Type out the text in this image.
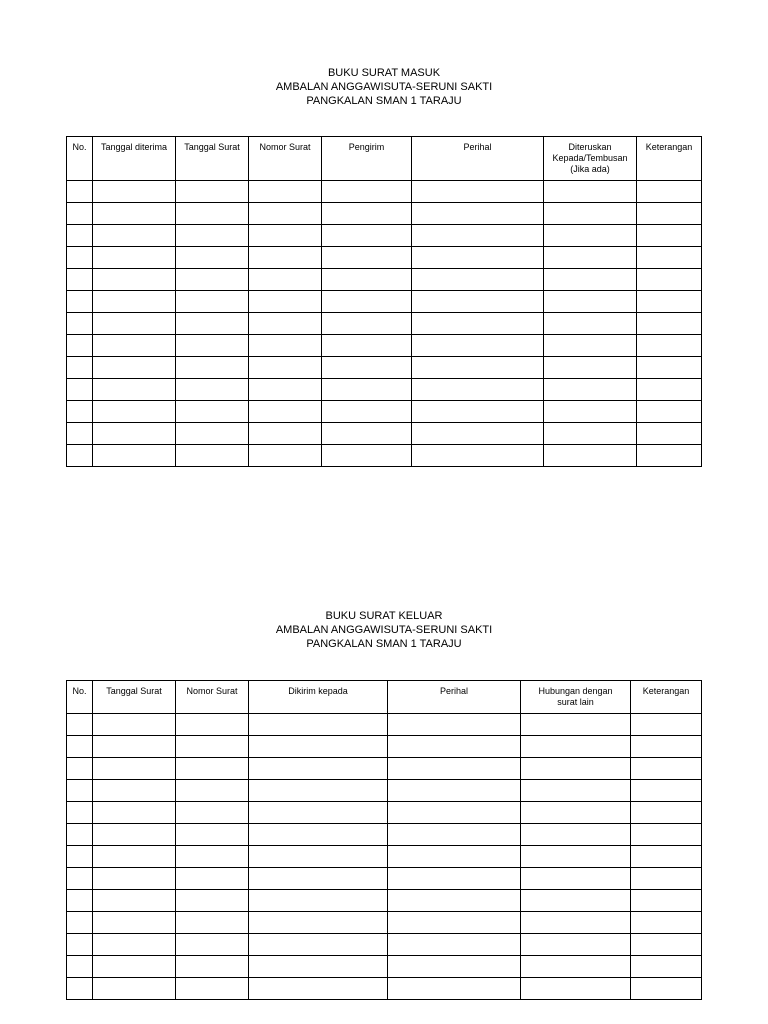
BUKU SURAT MASUK
AMBALAN ANGGAWISUTA-SERUNI SAKTI
PANGKALAN SMAN 1 TARAJU
No.	Tanggal diterima	Tanggal Surat	Nomor Surat	Pengirim	Perihal	Diteruskan Kepada/Tembusan (Jika ada)	Keterangan

BUKU SURAT KELUAR
AMBALAN ANGGAWISUTA-SERUNI SAKTI
PANGKALAN SMAN 1 TARAJU
No.	Tanggal Surat	Nomor Surat	Dikirim kepada	Perihal	Hubungan dengan surat lain	Keterangan
